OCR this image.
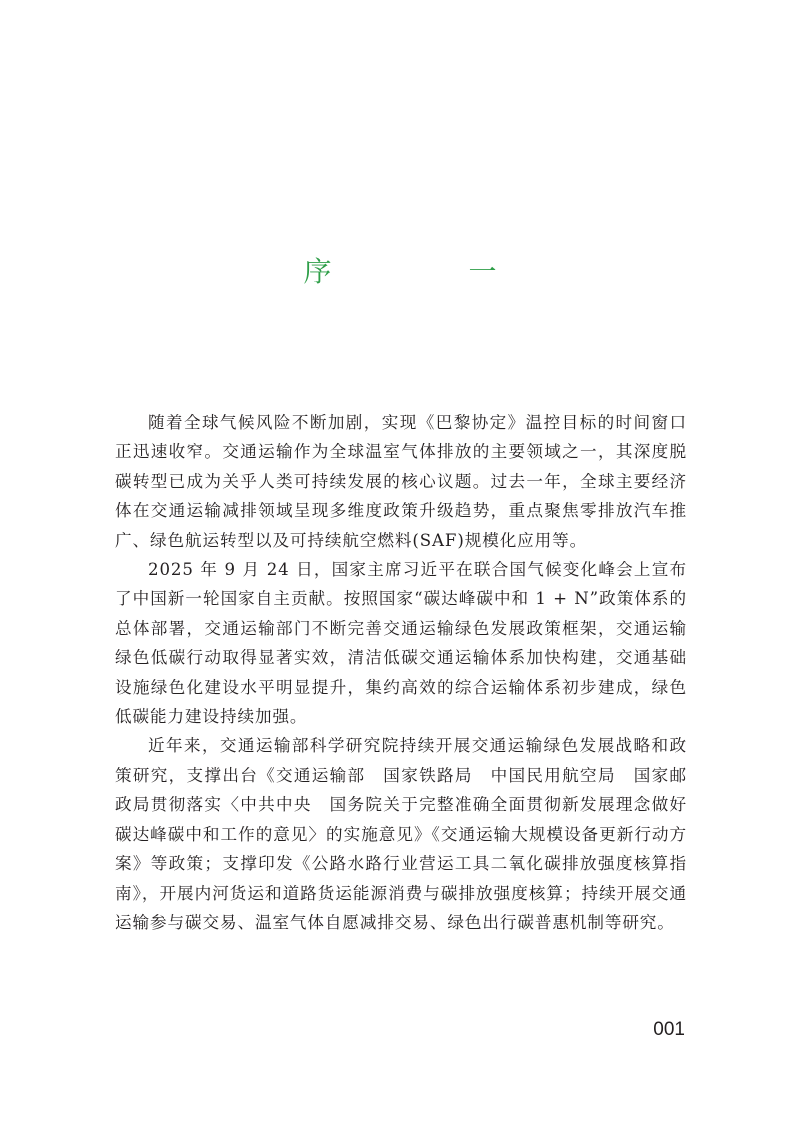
序 一

随着全球气候风险不断加剧，实现《巴黎协定》温控目标的时间窗口正迅速收窄。交通运输作为全球温室气体排放的主要领域之一，其深度脱碳转型已成为关乎人类可持续发展的核心议题。过去一年，全球主要经济体在交通运输减排领域呈现多维度政策升级趋势，重点聚焦零排放汽车推广、绿色航运转型以及可持续航空燃料(SAF)规模化应用等。

2025 年 9 月 24 日，国家主席习近平在联合国气候变化峰会上宣布了中国新一轮国家自主贡献。按照国家“碳达峰碳中和 1 + N”政策体系的总体部署，交通运输部门不断完善交通运输绿色发展政策框架，交通运输绿色低碳行动取得显著实效，清洁低碳交通运输体系加快构建，交通基础设施绿色化建设水平明显提升，集约高效的综合运输体系初步建成，绿色低碳能力建设持续加强。

近年来，交通运输部科学研究院持续开展交通运输绿色发展战略和政策研究，支撑出台《交通运输部　国家铁路局　中国民用航空局　国家邮政局贯彻落实〈中共中央　国务院关于完整准确全面贯彻新发展理念做好碳达峰碳中和工作的意见〉的实施意见》《交通运输大规模设备更新行动方案》等政策；支撑印发《公路水路行业营运工具二氧化碳排放强度核算指南》，开展内河货运和道路货运能源消费与碳排放强度核算；持续开展交通运输参与碳交易、温室气体自愿减排交易、绿色出行碳普惠机制等研究。

001
